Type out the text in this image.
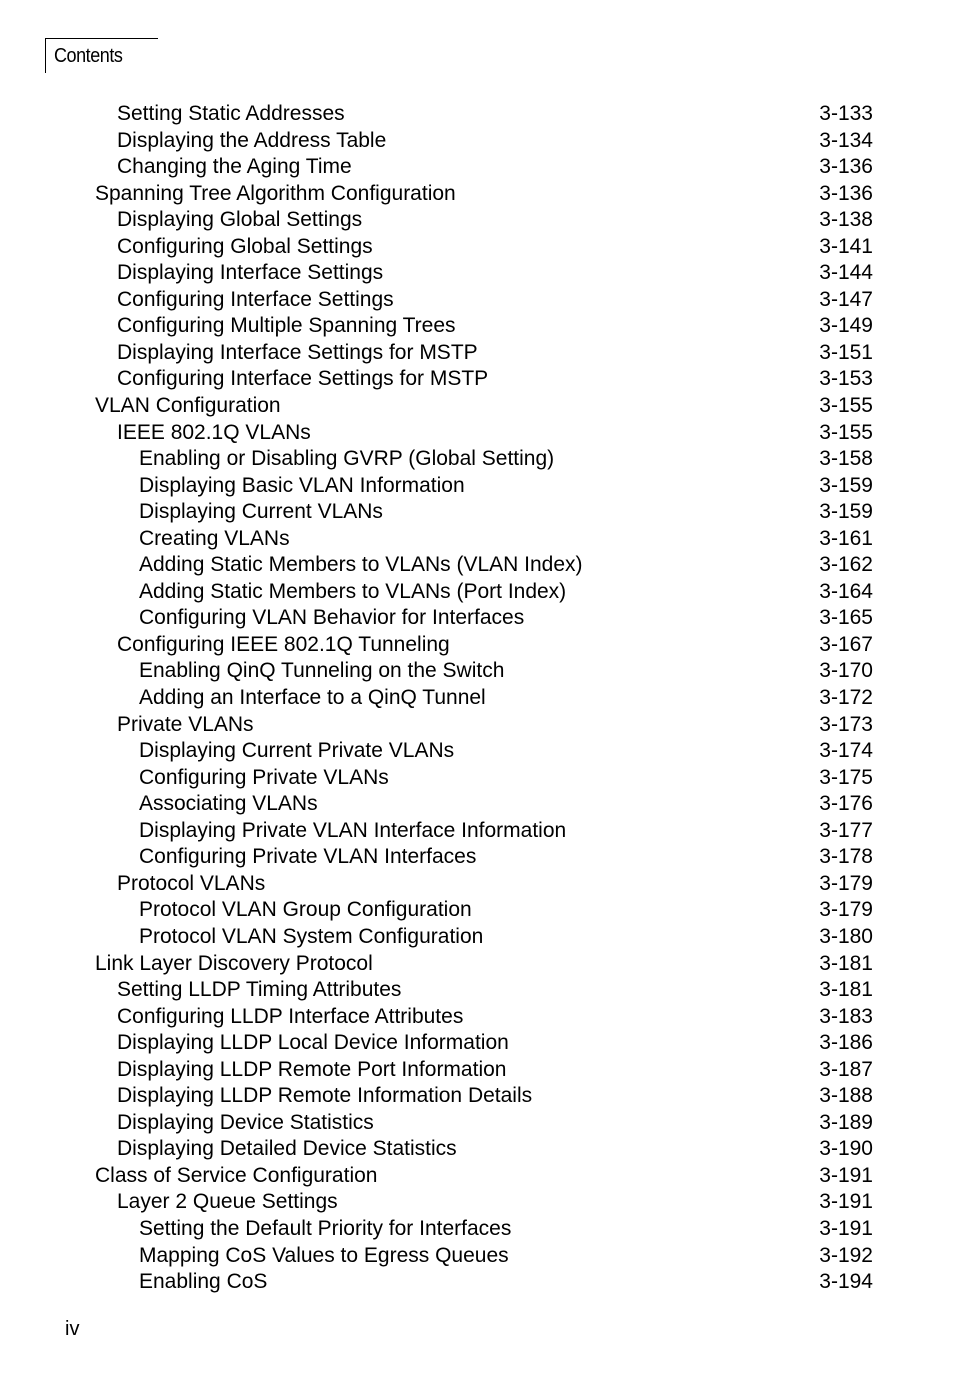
Contents
Setting Static Addresses	3-133
Displaying the Address Table	3-134
Changing the Aging Time	3-136
Spanning Tree Algorithm Configuration	3-136
Displaying Global Settings	3-138
Configuring Global Settings	3-141
Displaying Interface Settings	3-144
Configuring Interface Settings	3-147
Configuring Multiple Spanning Trees	3-149
Displaying Interface Settings for MSTP	3-151
Configuring Interface Settings for MSTP	3-153
VLAN Configuration	3-155
IEEE 802.1Q VLANs	3-155
Enabling or Disabling GVRP (Global Setting)	3-158
Displaying Basic VLAN Information	3-159
Displaying Current VLANs	3-159
Creating VLANs	3-161
Adding Static Members to VLANs (VLAN Index)	3-162
Adding Static Members to VLANs (Port Index)	3-164
Configuring VLAN Behavior for Interfaces	3-165
Configuring IEEE 802.1Q Tunneling	3-167
Enabling QinQ Tunneling on the Switch	3-170
Adding an Interface to a QinQ Tunnel	3-172
Private VLANs	3-173
Displaying Current Private VLANs	3-174
Configuring Private VLANs	3-175
Associating VLANs	3-176
Displaying Private VLAN Interface Information	3-177
Configuring Private VLAN Interfaces	3-178
Protocol VLANs	3-179
Protocol VLAN Group Configuration	3-179
Protocol VLAN System Configuration	3-180
Link Layer Discovery Protocol	3-181
Setting LLDP Timing Attributes	3-181
Configuring LLDP Interface Attributes	3-183
Displaying LLDP Local Device Information	3-186
Displaying LLDP Remote Port Information	3-187
Displaying LLDP Remote Information Details	3-188
Displaying Device Statistics	3-189
Displaying Detailed Device Statistics	3-190
Class of Service Configuration	3-191
Layer 2 Queue Settings	3-191
Setting the Default Priority for Interfaces	3-191
Mapping CoS Values to Egress Queues	3-192
Enabling CoS	3-194
iv
